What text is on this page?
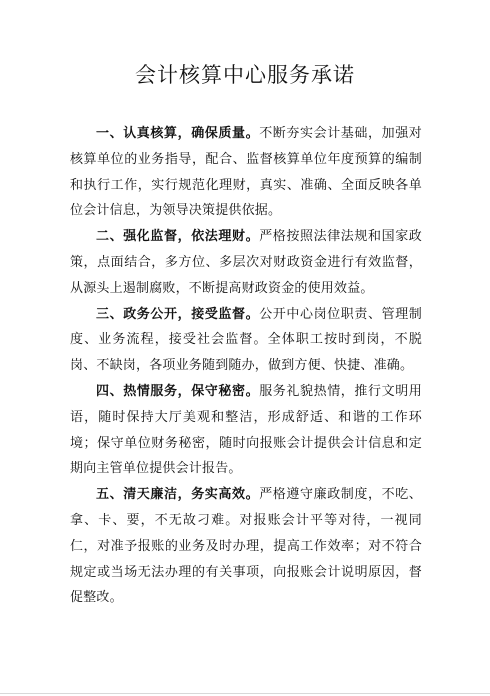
会计核算中心服务承诺

一、认真核算，确保质量。不断夯实会计基础，加强对核算单位的业务指导，配合、监督核算单位年度预算的编制和执行工作，实行规范化理财，真实、准确、全面反映各单位会计信息，为领导决策提供依据。

二、强化监督，依法理财。严格按照法律法规和国家政策，点面结合，多方位、多层次对财政资金进行有效监督，从源头上遏制腐败，不断提高财政资金的使用效益。

三、政务公开，接受监督。公开中心岗位职责、管理制度、业务流程，接受社会监督。全体职工按时到岗，不脱岗、不缺岗，各项业务随到随办，做到方便、快捷、准确。

四、热情服务，保守秘密。服务礼貌热情，推行文明用语，随时保持大厅美观和整洁，形成舒适、和谐的工作环境；保守单位财务秘密，随时向报账会计提供会计信息和定期向主管单位提供会计报告。

五、清天廉洁，务实高效。严格遵守廉政制度，不吃、拿、卡、要，不无故刁难。对报账会计平等对待，一视同仁，对准予报账的业务及时办理，提高工作效率；对不符合规定或当场无法办理的有关事项，向报账会计说明原因，督促整改。
